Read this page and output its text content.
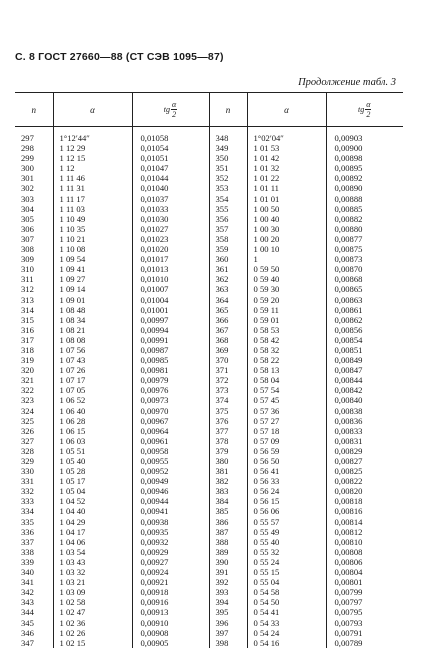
С. 8 ГОСТ 27660—88 (СТ СЭВ 1095—87)
Продолжение табл. 3
n	α	tg $\frac{\alpha}{2}$	n	α	tg $\frac{\alpha}{2}$

297	1°12′44″	0,01058	348	1°02′04″	0,00903
298	1 12 29	0,01054	349	1 01 53	0,00900
299	1 12 15	0,01051	350	1 01 42	0,00898
300	1 12	0,01047	351	1 01 32	0,00895
301	1 11 46	0,01044	352	1 01 22	0,00892
302	1 11 31	0,01040	353	1 01 11	0,00890
303	1 11 17	0,01037	354	1 01 01	0,00888
304	1 11 03	0,01033	355	1 00 50	0,00885
305	1 10 49	0,01030	356	1 00 40	0,00882
306	1 10 35	0,01027	357	1 00 30	0,00880
307	1 10 21	0,01023	358	1 00 20	0,00877
308	1 10 08	0,01020	359	1 00 10	0,00875
309	1 09 54	0,01017	360	1	0,00873
310	1 09 41	0,01013	361	0 59 50	0,00870
311	1 09 27	0,01010	362	0 59 40	0,00868
312	1 09 14	0,01007	363	0 59 30	0,00865
313	1 09 01	0,01004	364	0 59 20	0,00863
314	1 08 48	0,01001	365	0 59 11	0,00861
315	1 08 34	0,00997	366	0 59 01	0,00862
316	1 08 21	0,00994	367	0 58 53	0,00856
317	1 08 08	0,00991	368	0 58 42	0,00854
318	1 07 56	0,00987	369	0 58 32	0,00851
319	1 07 43	0,00985	370	0 58 22	0,00849
320	1 07 26	0,00981	371	0 58 13	0,00847
321	1 07 17	0,00979	372	0 58 04	0,00844
322	1 07 05	0,00976	373	0 57 54	0,00842
323	1 06 52	0,00973	374	0 57 45	0,00840
324	1 06 40	0,00970	375	0 57 36	0,00838
325	1 06 28	0,00967	376	0 57 27	0,00836
326	1 06 15	0,00964	377	0 57 18	0,00833
327	1 06 03	0,00961	378	0 57 09	0,00831
328	1 05 51	0,00958	379	0 56 59	0,00829
329	1 05 40	0,00955	380	0 56 50	0,00827
330	1 05 28	0,00952	381	0 56 41	0,00825
331	1 05 17	0,00949	382	0 56 33	0,00822
332	1 05 04	0,00946	383	0 56 24	0,00820
333	1 04 52	0,00944	384	0 56 15	0,00818
334	1 04 40	0,00941	385	0 56 06	0,00816
335	1 04 29	0,00938	386	0 55 57	0,00814
336	1 04 17	0,00935	387	0 55 49	0,00812
337	1 04 06	0,00932	388	0 55 40	0,00810
338	1 03 54	0,00929	389	0 55 32	0,00808
339	1 03 43	0,00927	390	0 55 24	0,00806
340	1 03 32	0,00924	391	0 55 15	0,00804
341	1 03 21	0,00921	392	0 55 04	0,00801
342	1 03 09	0,00918	393	0 54 58	0,00799
343	1 02 58	0,00916	394	0 54 50	0,00797
344	1 02 47	0,00913	395	0 54 41	0,00795
345	1 02 36	0,00910	396	0 54 33	0,00793
346	1 02 26	0,00908	397	0 54 24	0,00791
347	1 02 15	0,00905	398	0 54 16	0,00789
